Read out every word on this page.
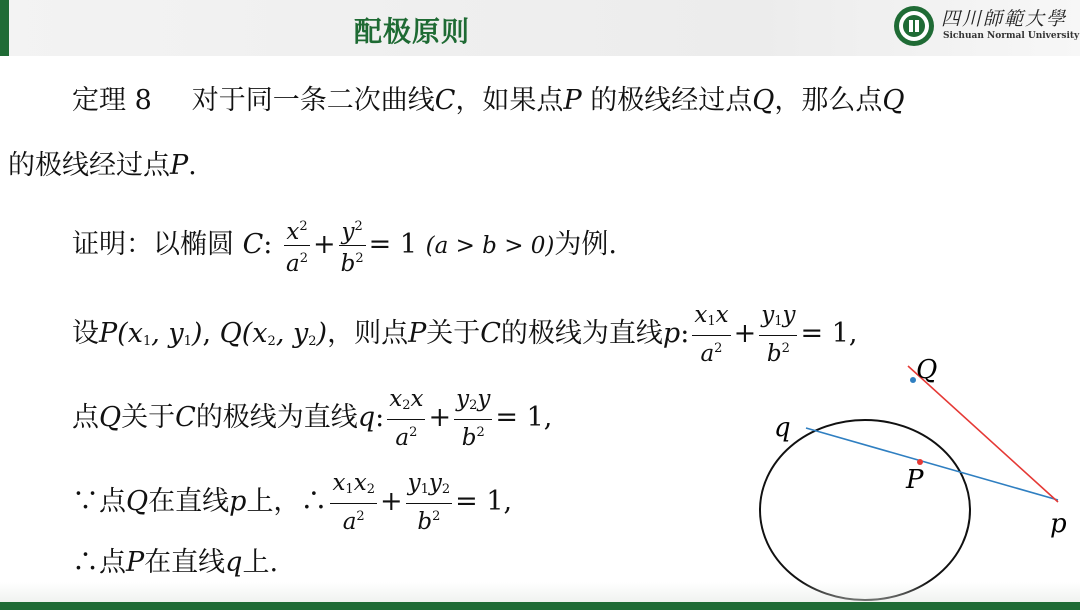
配极原则	四川師範大學
Sichuan Normal University
定理 8 对于同一条二次曲线C，如果点P 的极线经过点Q，那么点Q
的极线经过点P.
证明：以椭圆 C: $\frac{x^2}{a^2} + \frac{y^2}{b^2} = 1$ (a > b > 0)为例.
设$P(x_1$, $y_1$), $Q(x_2$, $y_2$)，则点P关于C的极线为直线p: $\frac{x_1x}{a^2} + \frac{y_1y}{b^2} = 1$,
点Q关于C的极线为直线q: $\frac{x_2x}{a^2} + \frac{y_2y}{b^2} = 1$,
∵点Q在直线p上，∴ $\frac{x_1x_2}{a^2} + \frac{y_1y_2}{b^2} = 1$,
∴点P在直线q上.
Q
P
q
p
